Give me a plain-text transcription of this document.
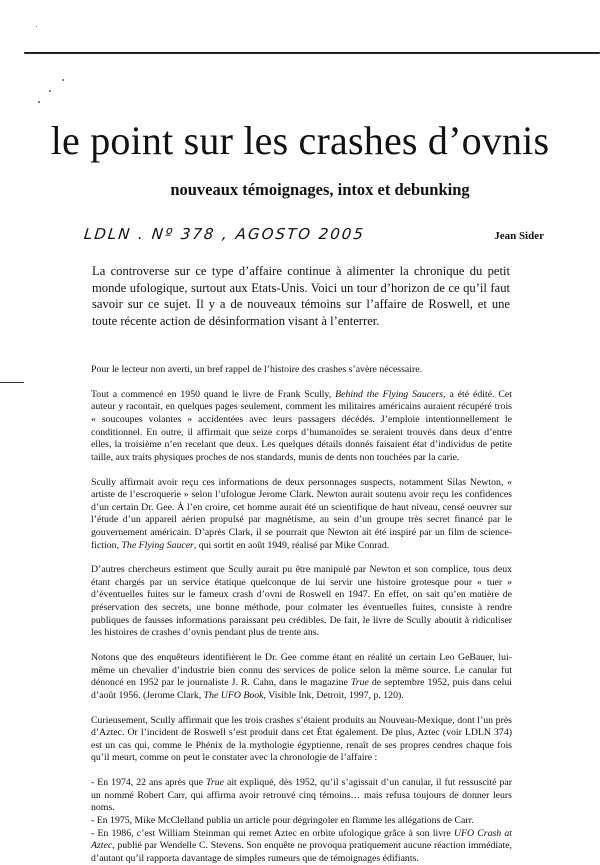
le point sur les crashes d’ovnis
nouveaux témoignages, intox et debunking
LDLN . Nº 378 , AGOSTO 2005	Jean Sider

La controverse sur ce type d’affaire continue à alimenter la chronique du petit monde ufologique, surtout aux Etats-Unis. Voici un tour d’horizon de ce qu’il faut savoir sur ce sujet. Il y a de nouveaux témoins sur l’affaire de Roswell, et une toute récente action de désinformation visant à l’enterrer.

Pour le lecteur non averti, un bref rappel de l’histoire des crashes s’avère nécessaire.

Tout a commencé en 1950 quand le livre de Frank Scully, Behind the Flying Saucers, a été édité. Cet auteur y racontait, en quelques pages seulement, comment les militaires américains auraient récupéré trois « soucoupes volantes » accidentées avec leurs passagers décédés. J’emploie intentionnellement le conditionnel. En outre, il affirmait que seize corps d’humanoïdes se seraient trouvés dans deux d’entre elles, la troisième n’en recelant que deux. Les quelques détails donnés faisaient état d’individus de petite taille, aux traits physiques proches de nos standards, munis de dents non touchées par la carie.

Scully affirmait avoir reçu ces informations de deux personnages suspects, notamment Silas Newton, « artiste de l’escroquerie » selon l’ufologue Jerome Clark. Newton aurait soutenu avoir reçu les confidences d’un certain Dr. Gee. À l’en croire, cet homme aurait été un scientifique de haut niveau, censé oeuvrer sur l’étude d’un appareil aérien propulsé par magnétisme, au sein d’un groupe très secret financé par le gouvernement américain. D’après Clark, il se pourrait que Newton ait été inspiré par un film de science-fiction, The Flying Saucer, qui sortit en août 1949, réalisé par Mike Conrad.

D’autres chercheurs estiment que Scully aurait pu être manipulé par Newton et son complice, tous deux étant chargés par un service étatique quelconque de lui servir une histoire grotesque pour « tuer » d’éventuelles fuites sur le fameux crash d’ovni de Roswell en 1947. En effet, on sait qu’en matière de préservation des secrets, une bonne méthode, pour colmater les éventuelles fuites, consiste à rendre publiques de fausses informations paraissant peu crédibles. De fait, le livre de Scully aboutit à ridiculiser les histoires de crashes d’ovnis pendant plus de trente ans.

Notons que des enquêteurs identifièrent le Dr. Gee comme étant en réalité un certain Leo GeBauer, lui-même un chevalier d’industrie bien connu des services de police selon la même source. Le canular fut dénoncé en 1952 par le journaliste J. R. Cahn, dans le magazine True de septembre 1952, puis dans celui d’août 1956. (Jerome Clark, The UFO Book, Visible Ink, Detroit, 1997, p. 120).

Curieusement, Scully affirmait que les trois crashes s’étaient produits au Nouveau-Mexique, dont l’un près d’Aztec. Or l’incident de Roswell s’est produit dans cet État également. De plus, Aztec (voir LDLN 374) est un cas qui, comme le Phénix de la mythologie égyptienne, renaît de ses propres cendres chaque fois qu’il meurt, comme on peut le constater avec la chronologie de l’affaire :

- En 1974, 22 ans après que True ait expliqué, dès 1952, qu’il s’agissait d’un canular, il fut ressuscité par un nommé Robert Carr, qui affirma avoir retrouvé cinq témoins… mais refusa toujours de donner leurs noms.

- En 1975, Mike McClelland publia un article pour dégringoler en flamme les allégations de Carr.

- En 1986, c’est William Steinman qui remet Aztec en orbite ufologique grâce à son livre UFO Crash at Aztec, publié par Wendelle C. Stevens. Son enquête ne provoqua pratiquement aucune réaction immédiate, d’autant qu’il rapporta davantage de simples rumeurs que de témoignages édifiants.
